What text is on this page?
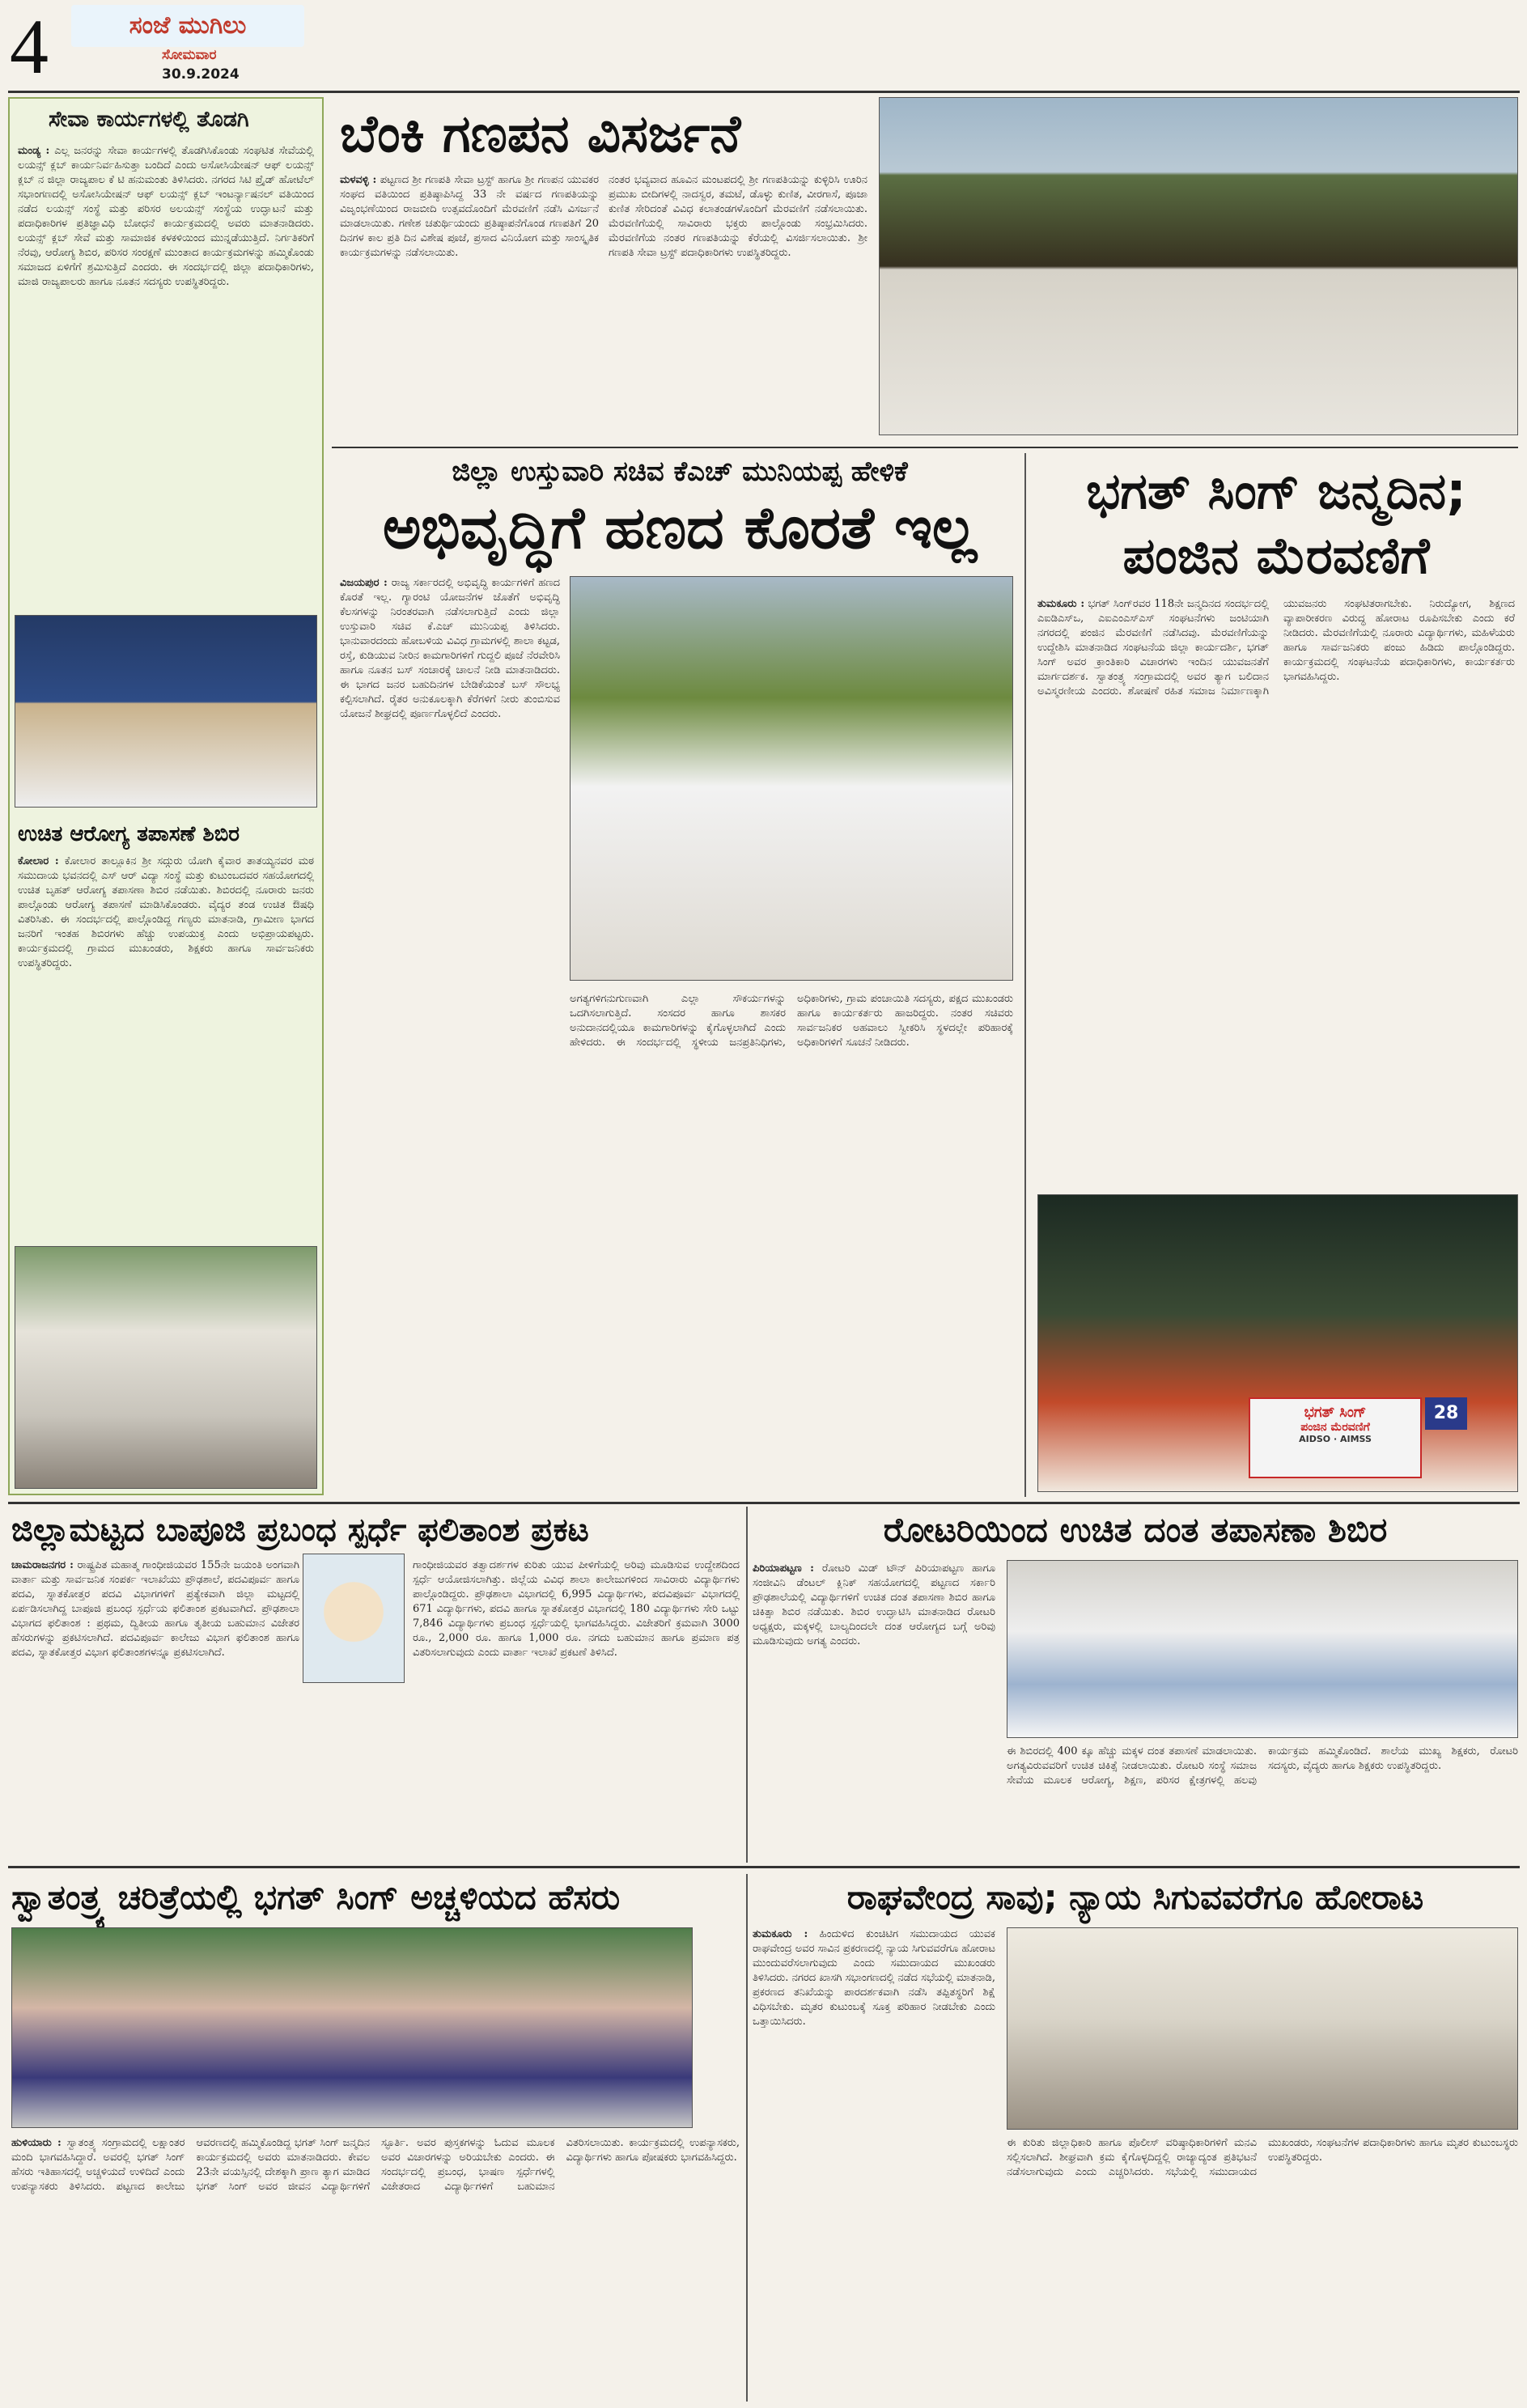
4	ಸಂಜೆ ಮುಗಿಲು
ಸೋಮವಾರ
30.9.2024
ಸೇವಾ ಕಾರ್ಯಗಳಲ್ಲಿ ತೊಡಗಿ
ಮಂಡ್ಯ : ಎಲ್ಲ ಜನರನ್ನು ಸೇವಾ ಕಾರ್ಯಗಳಲ್ಲಿ ತೊಡಗಿಸಿಕೊಂಡು ಸಂಘಟಿತ ಸೇವೆಯಲ್ಲಿ ಲಯನ್ಸ್ ಕ್ಲಬ್ ಕಾರ್ಯನಿರ್ವಹಿಸುತ್ತಾ ಬಂದಿದೆ ಎಂದು ಅಸೋಸಿಯೇಷನ್ ಆಫ್ ಲಯನ್ಸ್ ಕ್ಲಬ್ ನ ಜಿಲ್ಲಾ ರಾಜ್ಯಪಾಲ ಕೆ ಟಿ ಹನುಮಂತು ತಿಳಿಸಿದರು. ನಗರದ ಸಿಟಿ ಪ್ರೈಡ್ ಹೋಟೆಲ್ ಸಭಾಂಗಣದಲ್ಲಿ ಅಸೋಸಿಯೇಷನ್ ಆಫ್ ಲಯನ್ಸ್ ಕ್ಲಬ್ ಇಂಟರ್ನ್ಯಾಷನಲ್ ವತಿಯಿಂದ ನಡೆದ ಲಯನ್ಸ್ ಸಂಸ್ಥೆ ಮತ್ತು ಪರಿಸರ ಅಲಯನ್ಸ್ ಸಂಸ್ಥೆಯ ಉದ್ಘಾಟನೆ ಮತ್ತು ಪದಾಧಿಕಾರಿಗಳ ಪ್ರತಿಜ್ಞಾವಿಧಿ ಬೋಧನೆ ಕಾರ್ಯಕ್ರಮದಲ್ಲಿ ಅವರು ಮಾತನಾಡಿದರು. ಲಯನ್ಸ್ ಕ್ಲಬ್ ಸೇವೆ ಮತ್ತು ಸಾಮಾಜಿಕ ಕಳಕಳಿಯಿಂದ ಮುನ್ನಡೆಯುತ್ತಿದೆ. ನಿರ್ಗತಿಕರಿಗೆ ನೆರವು, ಆರೋಗ್ಯ ಶಿಬಿರ, ಪರಿಸರ ಸಂರಕ್ಷಣೆ ಮುಂತಾದ ಕಾರ್ಯಕ್ರಮಗಳನ್ನು ಹಮ್ಮಿಕೊಂಡು ಸಮಾಜದ ಏಳಿಗೆಗೆ ಶ್ರಮಿಸುತ್ತಿದೆ ಎಂದರು. ಈ ಸಂದರ್ಭದಲ್ಲಿ ಜಿಲ್ಲಾ ಪದಾಧಿಕಾರಿಗಳು, ಮಾಜಿ ರಾಜ್ಯಪಾಲರು ಹಾಗೂ ನೂತನ ಸದಸ್ಯರು ಉಪಸ್ಥಿತರಿದ್ದರು.
ಉಚಿತ ಆರೋಗ್ಯ ತಪಾಸಣೆ ಶಿಬಿರ
ಕೋಲಾರ : ಕೋಲಾರ ತಾಲ್ಲೂಕಿನ ಶ್ರೀ ಸದ್ಗುರು ಯೋಗಿ ಕೈವಾರ ತಾತಯ್ಯನವರ ಮಠ ಸಮುದಾಯ ಭವನದಲ್ಲಿ ಎಸ್ ಆರ್ ವಿದ್ಯಾ ಸಂಸ್ಥೆ ಮತ್ತು ಕುಟುಂಬದವರ ಸಹಯೋಗದಲ್ಲಿ ಉಚಿತ ಬೃಹತ್ ಆರೋಗ್ಯ ತಪಾಸಣಾ ಶಿಬಿರ ನಡೆಯಿತು. ಶಿಬಿರದಲ್ಲಿ ನೂರಾರು ಜನರು ಪಾಲ್ಗೊಂಡು ಆರೋಗ್ಯ ತಪಾಸಣೆ ಮಾಡಿಸಿಕೊಂಡರು. ವೈದ್ಯರ ತಂಡ ಉಚಿತ ಔಷಧಿ ವಿತರಿಸಿತು. ಈ ಸಂದರ್ಭದಲ್ಲಿ ಪಾಲ್ಗೊಂಡಿದ್ದ ಗಣ್ಯರು ಮಾತನಾಡಿ, ಗ್ರಾಮೀಣ ಭಾಗದ ಜನರಿಗೆ ಇಂತಹ ಶಿಬಿರಗಳು ಹೆಚ್ಚು ಉಪಯುಕ್ತ ಎಂದು ಅಭಿಪ್ರಾಯಪಟ್ಟರು. ಕಾರ್ಯಕ್ರಮದಲ್ಲಿ ಗ್ರಾಮದ ಮುಖಂಡರು, ಶಿಕ್ಷಕರು ಹಾಗೂ ಸಾರ್ವಜನಿಕರು ಉಪಸ್ಥಿತರಿದ್ದರು.
ಬೆಂಕಿ ಗಣಪನ ವಿಸರ್ಜನೆ
ಮಳವಳ್ಳಿ : ಪಟ್ಟಣದ ಶ್ರೀ ಗಣಪತಿ ಸೇವಾ ಟ್ರಸ್ಟ್ ಹಾಗೂ ಶ್ರೀ ಗಣಪನ ಯುವಕರ ಸಂಘದ ವತಿಯಿಂದ ಪ್ರತಿಷ್ಠಾಪಿಸಿದ್ದ 33 ನೇ ವರ್ಷದ ಗಣಪತಿಯನ್ನು ವಿಜೃಂಭಣೆಯಿಂದ ರಾಜಬೀದಿ ಉತ್ಸವದೊಂದಿಗೆ ಮೆರವಣಿಗೆ ನಡೆಸಿ ವಿಸರ್ಜನೆ ಮಾಡಲಾಯಿತು. ಗಣೇಶ ಚತುರ್ಥಿಯಂದು ಪ್ರತಿಷ್ಠಾಪನೆಗೊಂಡ ಗಣಪತಿಗೆ 20 ದಿನಗಳ ಕಾಲ ಪ್ರತಿ ದಿನ ವಿಶೇಷ ಪೂಜೆ, ಪ್ರಸಾದ ವಿನಿಯೋಗ ಮತ್ತು ಸಾಂಸ್ಕೃತಿಕ ಕಾರ್ಯಕ್ರಮಗಳನ್ನು ನಡೆಸಲಾಯಿತು.
ನಂತರ ಭವ್ಯವಾದ ಹೂವಿನ ಮಂಟಪದಲ್ಲಿ ಶ್ರೀ ಗಣಪತಿಯನ್ನು ಕುಳ್ಳಿರಿಸಿ ಊರಿನ ಪ್ರಮುಖ ಬೀದಿಗಳಲ್ಲಿ ನಾದಸ್ವರ, ತಮಟೆ, ಡೊಳ್ಳು ಕುಣಿತ, ವೀರಗಾಸೆ, ಪೂಜಾ ಕುಣಿತ ಸೇರಿದಂತೆ ವಿವಿಧ ಕಲಾತಂಡಗಳೊಂದಿಗೆ ಮೆರವಣಿಗೆ ನಡೆಸಲಾಯಿತು. ಮೆರವಣಿಗೆಯಲ್ಲಿ ಸಾವಿರಾರು ಭಕ್ತರು ಪಾಲ್ಗೊಂಡು ಸಂಭ್ರಮಿಸಿದರು. ಮೆರವಣಿಗೆಯ ನಂತರ ಗಣಪತಿಯನ್ನು ಕೆರೆಯಲ್ಲಿ ವಿಸರ್ಜಿಸಲಾಯಿತು. ಶ್ರೀ ಗಣಪತಿ ಸೇವಾ ಟ್ರಸ್ಟ್ ಪದಾಧಿಕಾರಿಗಳು ಉಪಸ್ಥಿತರಿದ್ದರು.
ಜಿಲ್ಲಾ ಉಸ್ತುವಾರಿ ಸಚಿವ ಕೆಎಚ್ ಮುನಿಯಪ್ಪ ಹೇಳಿಕೆ
ಅಭಿವೃದ್ಧಿಗೆ ಹಣದ ಕೊರತೆ ಇಲ್ಲ
ವಿಜಯಪುರ : ರಾಜ್ಯ ಸರ್ಕಾರದಲ್ಲಿ ಅಭಿವೃದ್ಧಿ ಕಾರ್ಯಗಳಿಗೆ ಹಣದ ಕೊರತೆ ಇಲ್ಲ. ಗ್ಯಾರಂಟಿ ಯೋಜನೆಗಳ ಜೊತೆಗೆ ಅಭಿವೃದ್ಧಿ ಕೆಲಸಗಳನ್ನು ನಿರಂತರವಾಗಿ ನಡೆಸಲಾಗುತ್ತಿದೆ ಎಂದು ಜಿಲ್ಲಾ ಉಸ್ತುವಾರಿ ಸಚಿವ ಕೆ.ಎಚ್ ಮುನಿಯಪ್ಪ ತಿಳಿಸಿದರು. ಭಾನುವಾರದಂದು ಹೋಬಳಿಯ ವಿವಿಧ ಗ್ರಾಮಗಳಲ್ಲಿ ಶಾಲಾ ಕಟ್ಟಡ, ರಸ್ತೆ, ಕುಡಿಯುವ ನೀರಿನ ಕಾಮಗಾರಿಗಳಿಗೆ ಗುದ್ದಲಿ ಪೂಜೆ ನೆರವೇರಿಸಿ ಹಾಗೂ ನೂತನ ಬಸ್ ಸಂಚಾರಕ್ಕೆ ಚಾಲನೆ ನೀಡಿ ಮಾತನಾಡಿದರು. ಈ ಭಾಗದ ಜನರ ಬಹುದಿನಗಳ ಬೇಡಿಕೆಯಂತೆ ಬಸ್ ಸೌಲಭ್ಯ ಕಲ್ಪಿಸಲಾಗಿದೆ. ರೈತರ ಅನುಕೂಲಕ್ಕಾಗಿ ಕೆರೆಗಳಿಗೆ ನೀರು ತುಂಬಿಸುವ ಯೋಜನೆ ಶೀಘ್ರದಲ್ಲಿ ಪೂರ್ಣಗೊಳ್ಳಲಿದೆ ಎಂದರು.
ಅಗತ್ಯಗಳಿಗನುಗುಣವಾಗಿ ಎಲ್ಲಾ ಸೌಕರ್ಯಗಳನ್ನು ಒದಗಿಸಲಾಗುತ್ತಿದೆ. ಸಂಸದರ ಹಾಗೂ ಶಾಸಕರ ಅನುದಾನದಲ್ಲಿಯೂ ಕಾಮಗಾರಿಗಳನ್ನು ಕೈಗೊಳ್ಳಲಾಗಿದೆ ಎಂದು ಹೇಳಿದರು. ಈ ಸಂದರ್ಭದಲ್ಲಿ ಸ್ಥಳೀಯ ಜನಪ್ರತಿನಿಧಿಗಳು, ಅಧಿಕಾರಿಗಳು, ಗ್ರಾಮ ಪಂಚಾಯಿತಿ ಸದಸ್ಯರು, ಪಕ್ಷದ ಮುಖಂಡರು ಹಾಗೂ ಕಾರ್ಯಕರ್ತರು ಹಾಜರಿದ್ದರು. ನಂತರ ಸಚಿವರು ಸಾರ್ವಜನಿಕರ ಅಹವಾಲು ಸ್ವೀಕರಿಸಿ ಸ್ಥಳದಲ್ಲೇ ಪರಿಹಾರಕ್ಕೆ ಅಧಿಕಾರಿಗಳಿಗೆ ಸೂಚನೆ ನೀಡಿದರು.
ಭಗತ್ ಸಿಂಗ್ ಜನ್ಮದಿನ;
ಪಂಜಿನ ಮೆರವಣಿಗೆ
ತುಮಕೂರು : ಭಗತ್ ಸಿಂಗ್‌ರವರ 118ನೇ ಜನ್ಮದಿನದ ಸಂದರ್ಭದಲ್ಲಿ ಎಐಡಿಎಸ್‌ಒ, ಎಐಎಂಎಸ್‌ಎಸ್ ಸಂಘಟನೆಗಳು ಜಂಟಿಯಾಗಿ ನಗರದಲ್ಲಿ ಪಂಜಿನ ಮೆರವಣಿಗೆ ನಡೆಸಿದವು. ಮೆರವಣಿಗೆಯನ್ನು ಉದ್ದೇಶಿಸಿ ಮಾತನಾಡಿದ ಸಂಘಟನೆಯ ಜಿಲ್ಲಾ ಕಾರ್ಯದರ್ಶಿ, ಭಗತ್ ಸಿಂಗ್ ಅವರ ಕ್ರಾಂತಿಕಾರಿ ವಿಚಾರಗಳು ಇಂದಿನ ಯುವಜನತೆಗೆ ಮಾರ್ಗದರ್ಶಕ. ಸ್ವಾತಂತ್ರ್ಯ ಸಂಗ್ರಾಮದಲ್ಲಿ ಅವರ ತ್ಯಾಗ ಬಲಿದಾನ ಅವಿಸ್ಮರಣೀಯ ಎಂದರು. ಶೋಷಣೆ ರಹಿತ ಸಮಾಜ ನಿರ್ಮಾಣಕ್ಕಾಗಿ ಯುವಜನರು ಸಂಘಟಿತರಾಗಬೇಕು. ನಿರುದ್ಯೋಗ, ಶಿಕ್ಷಣದ ವ್ಯಾಪಾರೀಕರಣ ವಿರುದ್ಧ ಹೋರಾಟ ರೂಪಿಸಬೇಕು ಎಂದು ಕರೆ ನೀಡಿದರು. ಮೆರವಣಿಗೆಯಲ್ಲಿ ನೂರಾರು ವಿದ್ಯಾರ್ಥಿಗಳು, ಮಹಿಳೆಯರು ಹಾಗೂ ಸಾರ್ವಜನಿಕರು ಪಂಜು ಹಿಡಿದು ಪಾಲ್ಗೊಂಡಿದ್ದರು. ಕಾರ್ಯಕ್ರಮದಲ್ಲಿ ಸಂಘಟನೆಯ ಪದಾಧಿಕಾರಿಗಳು, ಕಾರ್ಯಕರ್ತರು ಭಾಗವಹಿಸಿದ್ದರು.
ಭಗತ್ ಸಿಂಗ್
ಪಂಜಿನ ಮೆರವಣಿಗೆ
AIDSO · AIMSS
28
ಜಿಲ್ಲಾಮಟ್ಟದ ಬಾಪೂಜಿ ಪ್ರಬಂಧ ಸ್ಪರ್ಧೆ ಫಲಿತಾಂಶ ಪ್ರಕಟ
ಚಾಮರಾಜನಗರ : ರಾಷ್ಟ್ರಪಿತ ಮಹಾತ್ಮ ಗಾಂಧೀಜಿಯವರ 155ನೇ ಜಯಂತಿ ಅಂಗವಾಗಿ ವಾರ್ತಾ ಮತ್ತು ಸಾರ್ವಜನಿಕ ಸಂಪರ್ಕ ಇಲಾಖೆಯು ಪ್ರೌಢಶಾಲೆ, ಪದವಿಪೂರ್ವ ಹಾಗೂ ಪದವಿ, ಸ್ನಾತಕೋತ್ತರ ಪದವಿ ವಿಭಾಗಗಳಿಗೆ ಪ್ರತ್ಯೇಕವಾಗಿ ಜಿಲ್ಲಾ ಮಟ್ಟದಲ್ಲಿ ಏರ್ಪಡಿಸಲಾಗಿದ್ದ ಬಾಪೂಜಿ ಪ್ರಬಂಧ ಸ್ಪರ್ಧೆಯ ಫಲಿತಾಂಶ ಪ್ರಕಟವಾಗಿದೆ. ಪ್ರೌಢಶಾಲಾ ವಿಭಾಗದ ಫಲಿತಾಂಶ : ಪ್ರಥಮ, ದ್ವಿತೀಯ ಹಾಗೂ ತೃತೀಯ ಬಹುಮಾನ ವಿಜೇತರ ಹೆಸರುಗಳನ್ನು ಪ್ರಕಟಿಸಲಾಗಿದೆ. ಪದವಿಪೂರ್ವ ಕಾಲೇಜು ವಿಭಾಗ ಫಲಿತಾಂಶ ಹಾಗೂ ಪದವಿ, ಸ್ನಾತಕೋತ್ತರ ವಿಭಾಗ ಫಲಿತಾಂಶಗಳನ್ನೂ ಪ್ರಕಟಿಸಲಾಗಿದೆ.
ಗಾಂಧೀಜಿಯವರ ತತ್ವಾದರ್ಶಗಳ ಕುರಿತು ಯುವ ಪೀಳಿಗೆಯಲ್ಲಿ ಅರಿವು ಮೂಡಿಸುವ ಉದ್ದೇಶದಿಂದ ಸ್ಪರ್ಧೆ ಆಯೋಜಿಸಲಾಗಿತ್ತು. ಜಿಲ್ಲೆಯ ವಿವಿಧ ಶಾಲಾ ಕಾಲೇಜುಗಳಿಂದ ಸಾವಿರಾರು ವಿದ್ಯಾರ್ಥಿಗಳು ಪಾಲ್ಗೊಂಡಿದ್ದರು. ಪ್ರೌಢಶಾಲಾ ವಿಭಾಗದಲ್ಲಿ 6,995 ವಿದ್ಯಾರ್ಥಿಗಳು, ಪದವಿಪೂರ್ವ ವಿಭಾಗದಲ್ಲಿ 671 ವಿದ್ಯಾರ್ಥಿಗಳು, ಪದವಿ ಹಾಗೂ ಸ್ನಾತಕೋತ್ತರ ವಿಭಾಗದಲ್ಲಿ 180 ವಿದ್ಯಾರ್ಥಿಗಳು ಸೇರಿ ಒಟ್ಟು 7,846 ವಿದ್ಯಾರ್ಥಿಗಳು ಪ್ರಬಂಧ ಸ್ಪರ್ಧೆಯಲ್ಲಿ ಭಾಗವಹಿಸಿದ್ದರು. ವಿಜೇತರಿಗೆ ಕ್ರಮವಾಗಿ 3000 ರೂ., 2,000 ರೂ. ಹಾಗೂ 1,000 ರೂ. ನಗದು ಬಹುಮಾನ ಹಾಗೂ ಪ್ರಮಾಣ ಪತ್ರ ವಿತರಿಸಲಾಗುವುದು ಎಂದು ವಾರ್ತಾ ಇಲಾಖೆ ಪ್ರಕಟಣೆ ತಿಳಿಸಿದೆ.
ರೋಟರಿಯಿಂದ ಉಚಿತ ದಂತ ತಪಾಸಣಾ ಶಿಬಿರ
ಪಿರಿಯಾಪಟ್ಟಣ : ರೋಟರಿ ಮಿಡ್ ಟೌನ್ ಪಿರಿಯಾಪಟ್ಟಣ ಹಾಗೂ ಸಂಜೀವಿನಿ ಡೆಂಟಲ್ ಕ್ಲಿನಿಕ್ ಸಹಯೋಗದಲ್ಲಿ ಪಟ್ಟಣದ ಸರ್ಕಾರಿ ಪ್ರೌಢಶಾಲೆಯಲ್ಲಿ ವಿದ್ಯಾರ್ಥಿಗಳಿಗೆ ಉಚಿತ ದಂತ ತಪಾಸಣಾ ಶಿಬಿರ ಹಾಗೂ ಚಿಕಿತ್ಸಾ ಶಿಬಿರ ನಡೆಯಿತು. ಶಿಬಿರ ಉದ್ಘಾಟಿಸಿ ಮಾತನಾಡಿದ ರೋಟರಿ ಅಧ್ಯಕ್ಷರು, ಮಕ್ಕಳಲ್ಲಿ ಬಾಲ್ಯದಿಂದಲೇ ದಂತ ಆರೋಗ್ಯದ ಬಗ್ಗೆ ಅರಿವು ಮೂಡಿಸುವುದು ಅಗತ್ಯ ಎಂದರು.
ಈ ಶಿಬಿರದಲ್ಲಿ 400 ಕ್ಕೂ ಹೆಚ್ಚು ಮಕ್ಕಳ ದಂತ ತಪಾಸಣೆ ಮಾಡಲಾಯಿತು. ಅಗತ್ಯವಿರುವವರಿಗೆ ಉಚಿತ ಚಿಕಿತ್ಸೆ ನೀಡಲಾಯಿತು. ರೋಟರಿ ಸಂಸ್ಥೆ ಸಮಾಜ ಸೇವೆಯ ಮೂಲಕ ಆರೋಗ್ಯ, ಶಿಕ್ಷಣ, ಪರಿಸರ ಕ್ಷೇತ್ರಗಳಲ್ಲಿ ಹಲವು ಕಾರ್ಯಕ್ರಮ ಹಮ್ಮಿಕೊಂಡಿದೆ. ಶಾಲೆಯ ಮುಖ್ಯ ಶಿಕ್ಷಕರು, ರೋಟರಿ ಸದಸ್ಯರು, ವೈದ್ಯರು ಹಾಗೂ ಶಿಕ್ಷಕರು ಉಪಸ್ಥಿತರಿದ್ದರು.
ಸ್ವಾತಂತ್ರ್ಯ ಚರಿತ್ರೆಯಲ್ಲಿ ಭಗತ್ ಸಿಂಗ್ ಅಚ್ಚಳಿಯದ ಹೆಸರು
ಹುಳಿಯಾರು : ಸ್ವಾತಂತ್ರ್ಯ ಸಂಗ್ರಾಮದಲ್ಲಿ ಲಕ್ಷಾಂತರ ಮಂದಿ ಭಾಗವಹಿಸಿದ್ದಾರೆ. ಅವರಲ್ಲಿ ಭಗತ್ ಸಿಂಗ್ ಹೆಸರು ಇತಿಹಾಸದಲ್ಲಿ ಅಚ್ಚಳಿಯದೆ ಉಳಿದಿದೆ ಎಂದು ಉಪನ್ಯಾಸಕರು ತಿಳಿಸಿದರು. ಪಟ್ಟಣದ ಕಾಲೇಜು ಆವರಣದಲ್ಲಿ ಹಮ್ಮಿಕೊಂಡಿದ್ದ ಭಗತ್ ಸಿಂಗ್ ಜನ್ಮದಿನ ಕಾರ್ಯಕ್ರಮದಲ್ಲಿ ಅವರು ಮಾತನಾಡಿದರು. ಕೇವಲ 23ನೇ ವಯಸ್ಸಿನಲ್ಲಿ ದೇಶಕ್ಕಾಗಿ ಪ್ರಾಣ ತ್ಯಾಗ ಮಾಡಿದ ಭಗತ್ ಸಿಂಗ್ ಅವರ ಜೀವನ ವಿದ್ಯಾರ್ಥಿಗಳಿಗೆ ಸ್ಫೂರ್ತಿ. ಅವರ ಪುಸ್ತಕಗಳನ್ನು ಓದುವ ಮೂಲಕ ಅವರ ವಿಚಾರಗಳನ್ನು ಅರಿಯಬೇಕು ಎಂದರು. ಈ ಸಂದರ್ಭದಲ್ಲಿ ಪ್ರಬಂಧ, ಭಾಷಣ ಸ್ಪರ್ಧೆಗಳಲ್ಲಿ ವಿಜೇತರಾದ ವಿದ್ಯಾರ್ಥಿಗಳಿಗೆ ಬಹುಮಾನ ವಿತರಿಸಲಾಯಿತು. ಕಾರ್ಯಕ್ರಮದಲ್ಲಿ ಉಪನ್ಯಾಸಕರು, ವಿದ್ಯಾರ್ಥಿಗಳು ಹಾಗೂ ಪೋಷಕರು ಭಾಗವಹಿಸಿದ್ದರು.
ರಾಘವೇಂದ್ರ ಸಾವು; ನ್ಯಾಯ ಸಿಗುವವರೆಗೂ ಹೋರಾಟ
ತುಮಕೂರು : ಹಿಂದುಳಿದ ಕುಂಚಿಟಿಗ ಸಮುದಾಯದ ಯುವಕ ರಾಘವೇಂದ್ರ ಅವರ ಸಾವಿನ ಪ್ರಕರಣದಲ್ಲಿ ನ್ಯಾಯ ಸಿಗುವವರೆಗೂ ಹೋರಾಟ ಮುಂದುವರೆಸಲಾಗುವುದು ಎಂದು ಸಮುದಾಯದ ಮುಖಂಡರು ತಿಳಿಸಿದರು. ನಗರದ ಖಾಸಗಿ ಸಭಾಂಗಣದಲ್ಲಿ ನಡೆದ ಸಭೆಯಲ್ಲಿ ಮಾತನಾಡಿ, ಪ್ರಕರಣದ ತನಿಖೆಯನ್ನು ಪಾರದರ್ಶಕವಾಗಿ ನಡೆಸಿ ತಪ್ಪಿತಸ್ಥರಿಗೆ ಶಿಕ್ಷೆ ವಿಧಿಸಬೇಕು. ಮೃತರ ಕುಟುಂಬಕ್ಕೆ ಸೂಕ್ತ ಪರಿಹಾರ ನೀಡಬೇಕು ಎಂದು ಒತ್ತಾಯಿಸಿದರು.
ಈ ಕುರಿತು ಜಿಲ್ಲಾಧಿಕಾರಿ ಹಾಗೂ ಪೊಲೀಸ್ ವರಿಷ್ಠಾಧಿಕಾರಿಗಳಿಗೆ ಮನವಿ ಸಲ್ಲಿಸಲಾಗಿದೆ. ಶೀಘ್ರವಾಗಿ ಕ್ರಮ ಕೈಗೊಳ್ಳದಿದ್ದಲ್ಲಿ ರಾಜ್ಯಾದ್ಯಂತ ಪ್ರತಿಭಟನೆ ನಡೆಸಲಾಗುವುದು ಎಂದು ಎಚ್ಚರಿಸಿದರು. ಸಭೆಯಲ್ಲಿ ಸಮುದಾಯದ ಮುಖಂಡರು, ಸಂಘಟನೆಗಳ ಪದಾಧಿಕಾರಿಗಳು ಹಾಗೂ ಮೃತರ ಕುಟುಂಬಸ್ಥರು ಉಪಸ್ಥಿತರಿದ್ದರು.
